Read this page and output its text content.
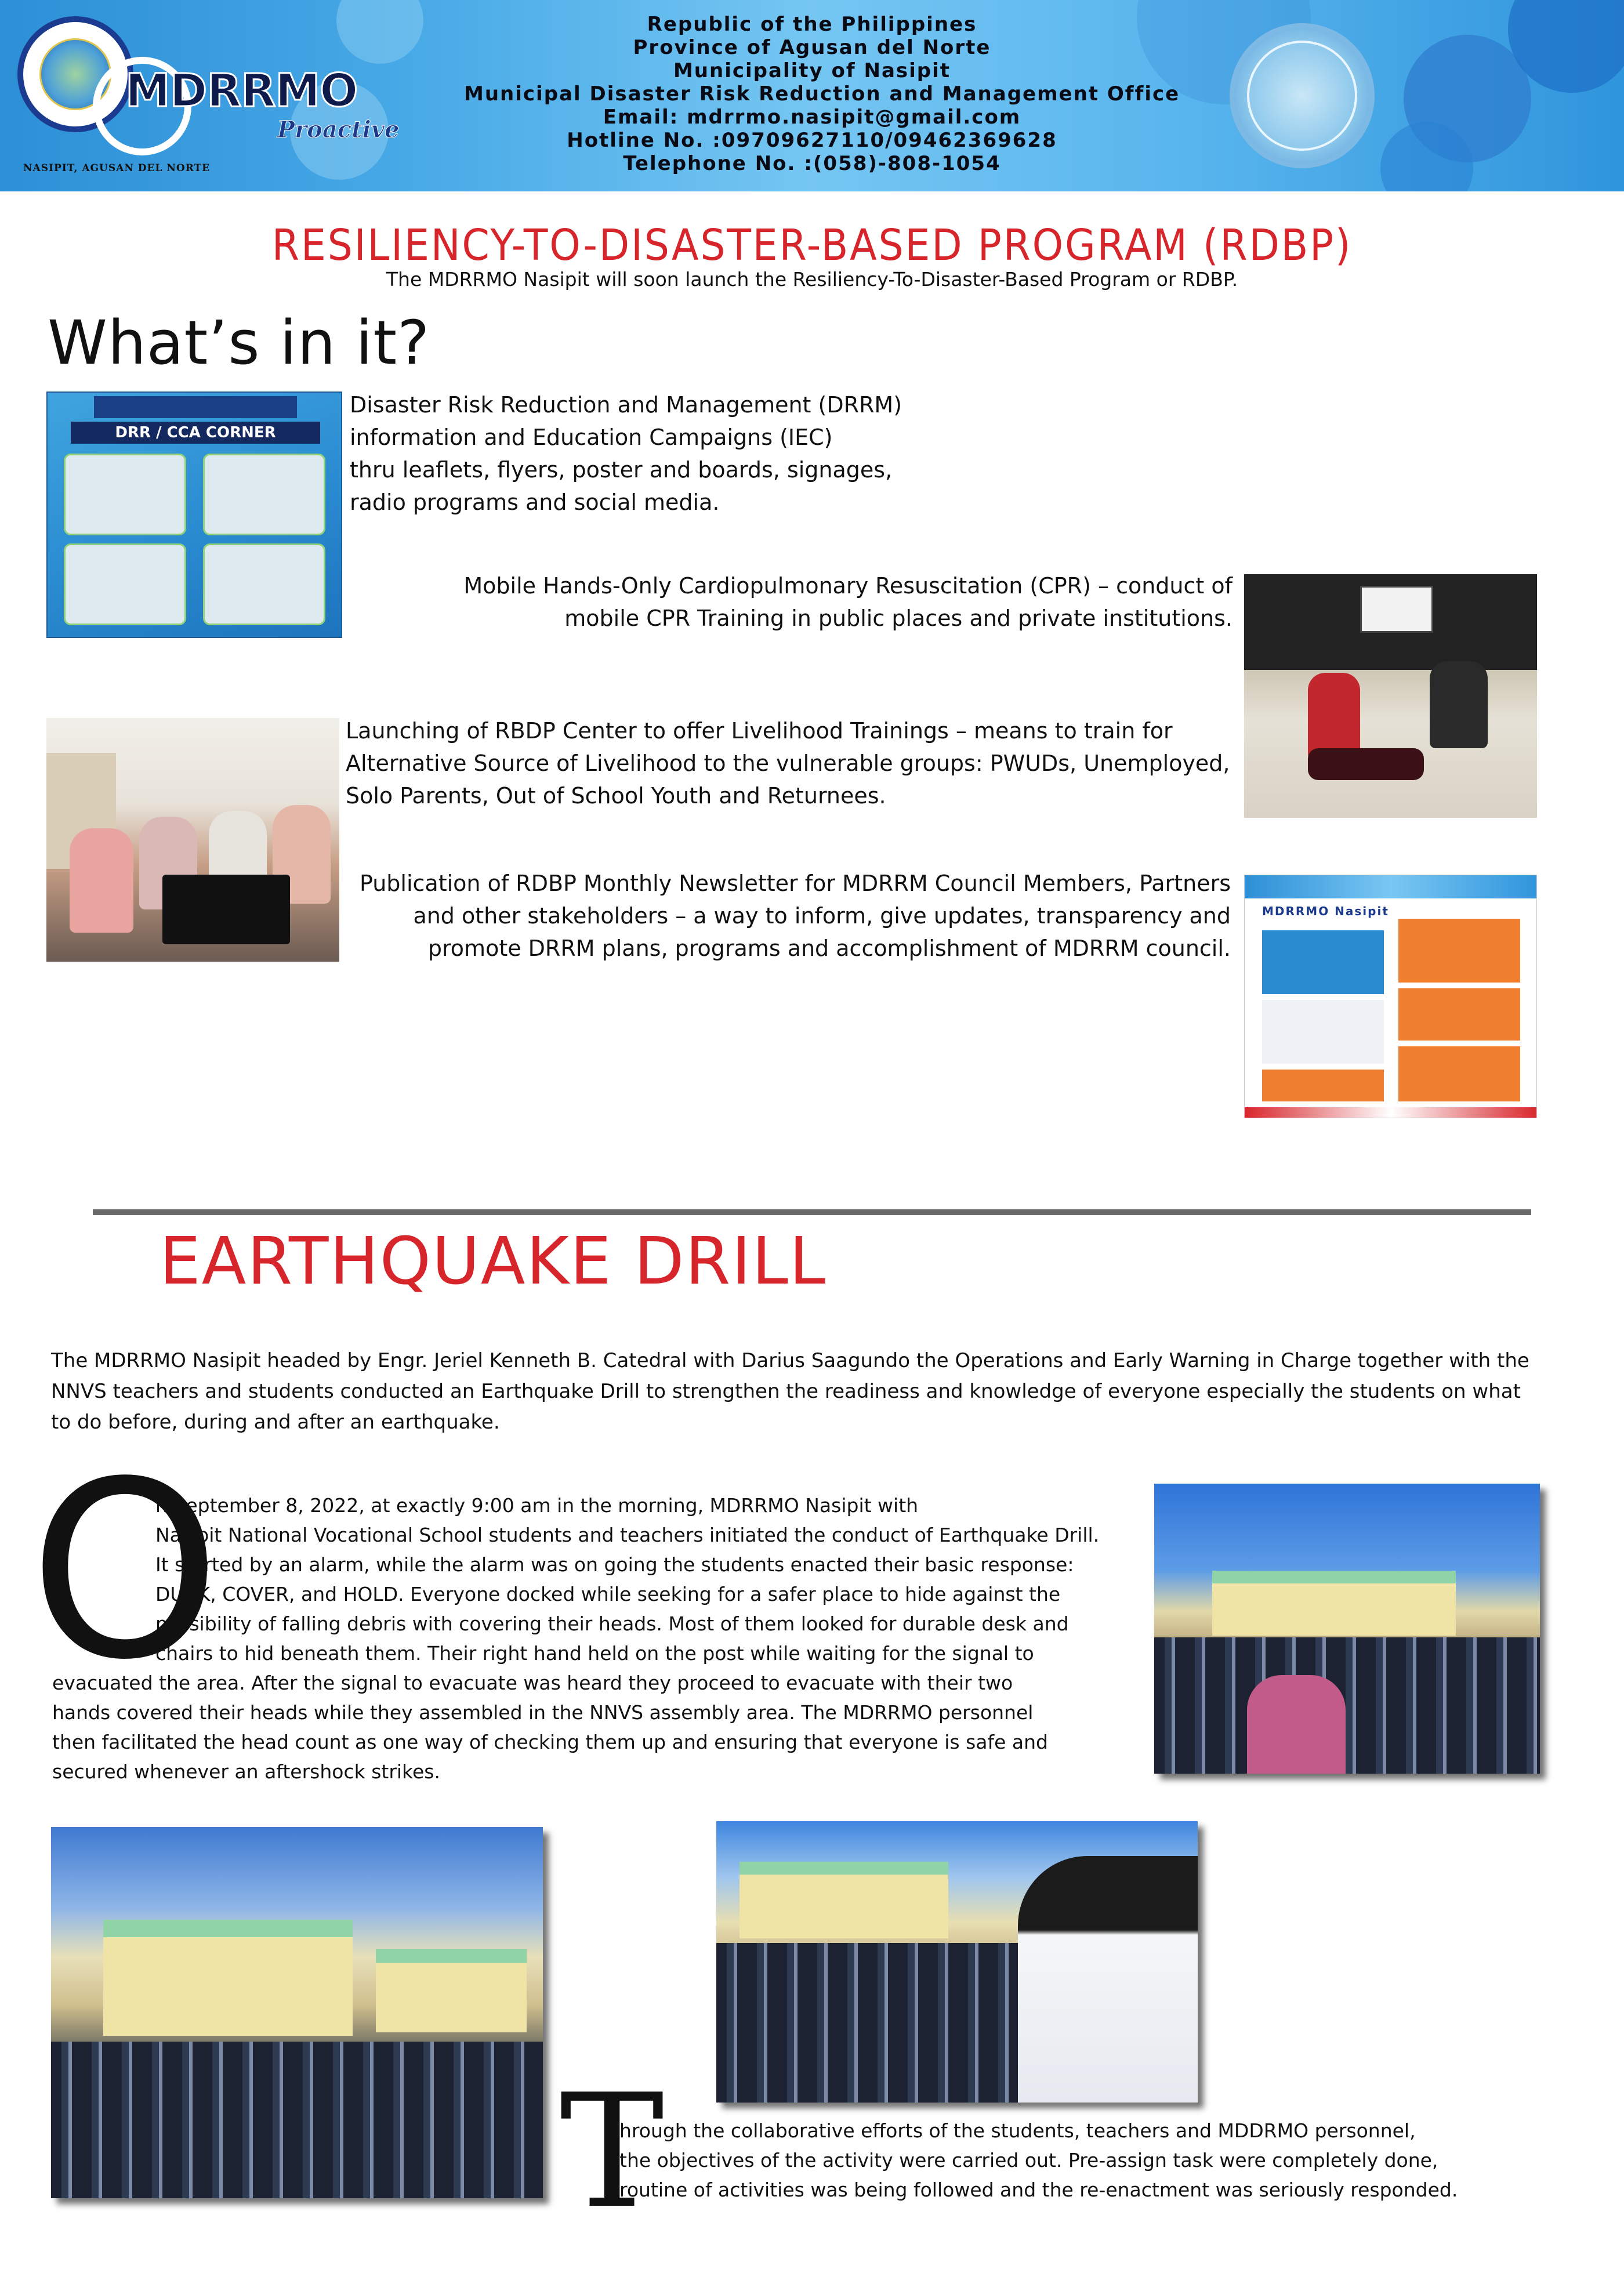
MDRRMO
Proactive
NASIPIT, AGUSAN DEL NORTE
Republic of the Philippines
Province of Agusan del Norte
Municipality of Nasipit
Municipal Disaster Risk Reduction and Management Office
Email: mdrrmo.nasipit@gmail.com
Hotline No. :09709627110/09462369628
Telephone No. :(058)-808-1054
RESILIENCY-TO-DISASTER-BASED PROGRAM (RDBP)
The MDRRMO Nasipit will soon launch the Resiliency-To-Disaster-Based Program or RDBP.
What’s in it?
DRR / CCA CORNER
Disaster Risk Reduction and Management (DRRM)
information and Education Campaigns (IEC)
thru leaflets, flyers, poster and boards, signages,
radio programs and social media.
Mobile Hands-Only Cardiopulmonary Resuscitation (CPR) – conduct of
mobile CPR Training in public places and private institutions.
Launching of RBDP Center to offer Livelihood Trainings – means to train for
Alternative Source of Livelihood to the vulnerable groups: PWUDs, Unemployed,
Solo Parents, Out of School Youth and Returnees.
Publication of RDBP Monthly Newsletter for MDRRM Council Members, Partners
and other stakeholders – a way to inform, give updates, transparency and
promote DRRM plans, programs and accomplishment of MDRRM council.
MDRRMO Nasipit
EARTHQUAKE DRILL
The MDRRMO Nasipit headed by Engr. Jeriel Kenneth B. Catedral with Darius Saagundo the Operations and Early Warning in Charge together with the NNVS teachers and students conducted an Earthquake Drill to strengthen the readiness and knowledge of everyone especially the students on what to do before, during and after an earthquake.
O
n September 8, 2022, at exactly 9:00 am in the morning, MDRRMO Nasipit with
Nasipit National Vocational School students and teachers initiated the conduct of Earthquake Drill.
It started by an alarm, while the alarm was on going the students enacted their basic response:
DUCK, COVER, and HOLD. Everyone docked while seeking for a safer place to hide against the
possibility of falling debris with covering their heads. Most of them looked for durable desk and
chairs to hid beneath them. Their right hand held on the post while waiting for the signal to
evacuated the area. After the signal to evacuate was heard they proceed to evacuate with their two
hands covered their heads while they assembled in the NNVS assembly area. The MDRRMO personnel
then facilitated the head count as one way of checking them up and ensuring that everyone is safe and
secured whenever an aftershock strikes.
T
hrough the collaborative efforts of the students, teachers and MDDRMO personnel,
the objectives of the activity were carried out. Pre-assign task were completely done,
routine of activities was being followed and the re-enactment was seriously responded.
